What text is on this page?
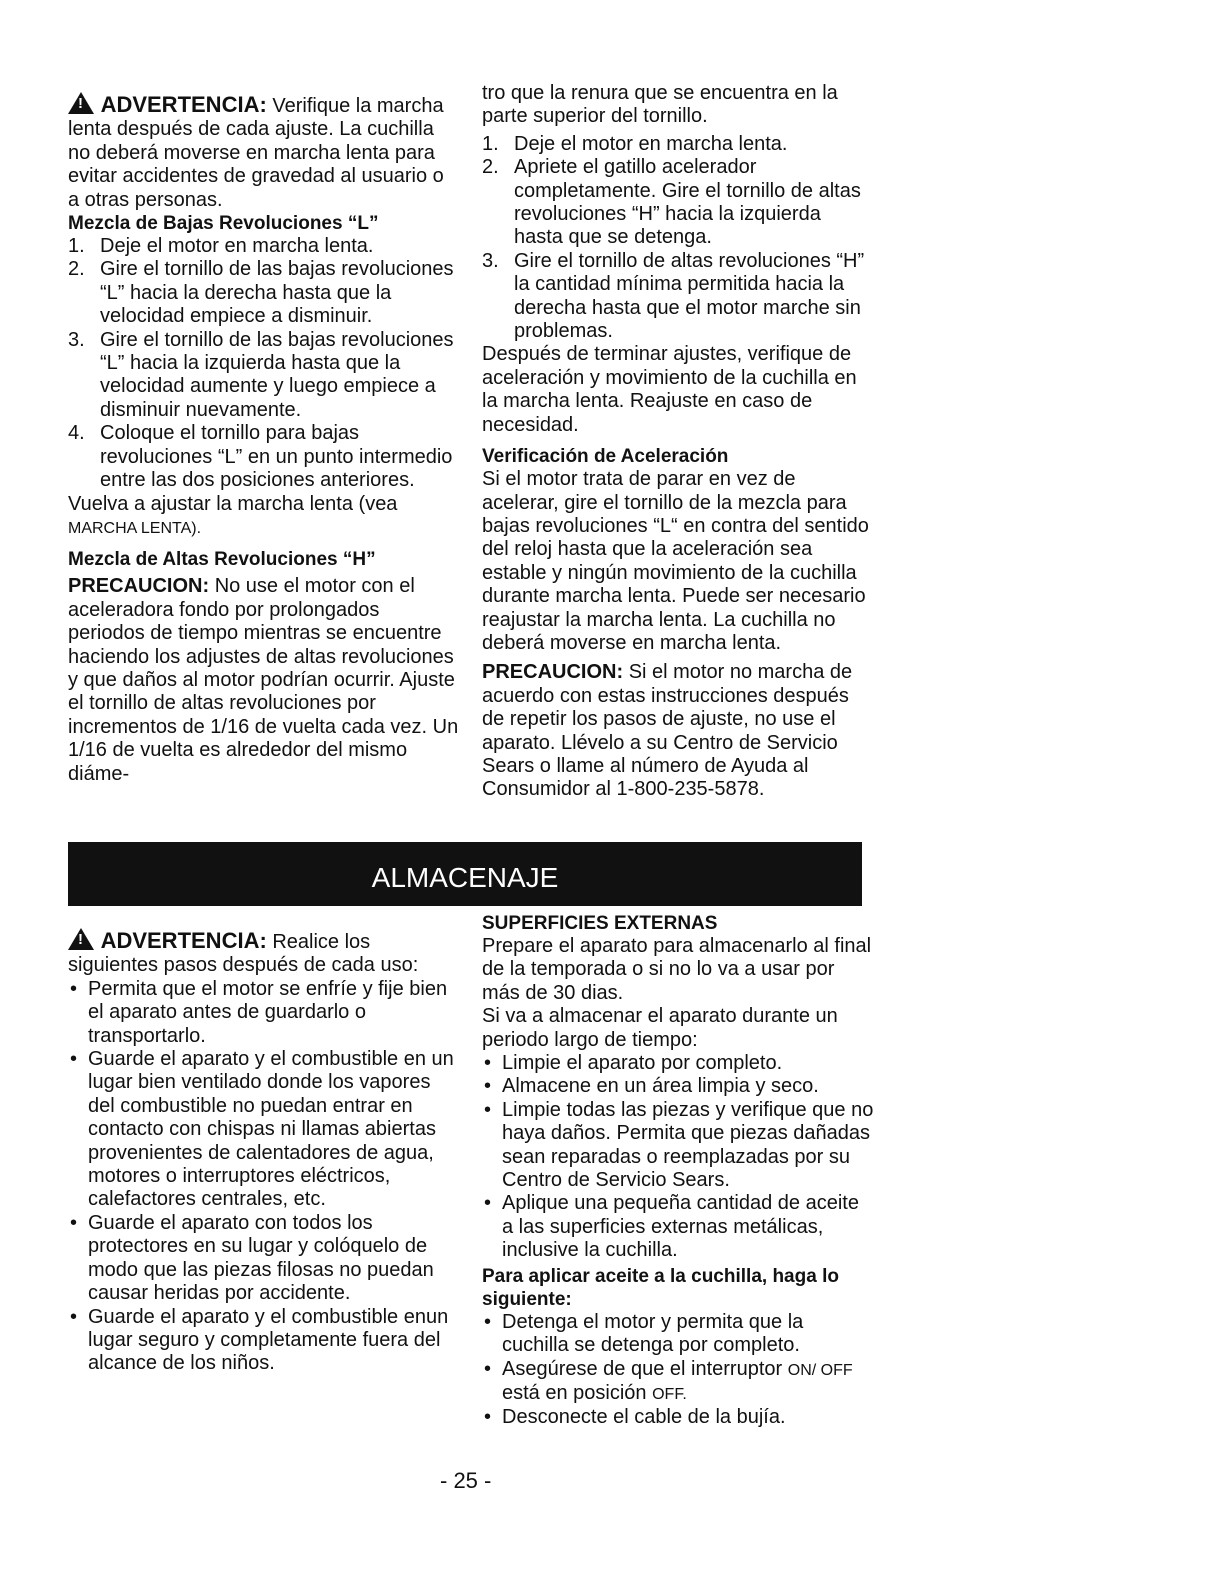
! ADVERTENCIA: Verifique la marcha lenta después de cada ajuste. La cuchilla no deberá moverse en marcha lenta para evitar accidentes de gravedad al usuario o a otras personas.

Mezcla de Bajas Revoluciones “L”
1. Deje el motor en marcha lenta.
2. Gire el tornillo de las bajas revoluciones “L” hacia la derecha hasta que la velocidad empiece a disminuir.
3. Gire el tornillo de las bajas revoluciones “L” hacia la izquierda hasta que la velocidad aumente y luego empiece a disminuir nuevamente.
4. Coloque el tornillo para bajas revoluciones “L” en un punto intermedio entre las dos posiciones anteriores.

Vuelva a ajustar la marcha lenta (vea MARCHA LENTA).

Mezcla de Altas Revoluciones “H”

PRECAUCION: No use el motor con el aceleradora fondo por prolongados periodos de tiempo mientras se encuentre haciendo los adjustes de altas revoluciones y que daños al motor podrían ocurrir. Ajuste el tornillo de altas revoluciones por incrementos de 1/16 de vuelta cada vez. Un 1/16 de vuelta es alrededor del mismo diáme-

tro que la renura que se encuentra en la parte superior del tornillo.

1. Deje el motor en marcha lenta.
2. Apriete el gatillo acelerador completamente. Gire el tornillo de altas revoluciones “H” hacia la izquierda hasta que se detenga.
3. Gire el tornillo de altas revoluciones “H” la cantidad mínima permitida hacia la derecha hasta que el motor marche sin problemas.

Después de terminar ajustes, verifique de aceleración y movimiento de la cuchilla en la marcha lenta. Reajuste en caso de necesidad.

Verificación de Aceleración

Si el motor trata de parar en vez de acelerar, gire el tornillo de la mezcla para bajas revoluciones “L“ en contra del sentido del reloj hasta que la aceleración sea estable y ningún movimiento de la cuchilla durante marcha lenta. Puede ser necesario reajustar la marcha lenta. La cuchilla no deberá moverse en marcha lenta.

PRECAUCION: Si el motor no marcha de acuerdo con estas instrucciones después de repetir los pasos de ajuste, no use el aparato. Llévelo a su Centro de Servicio Sears o llame al número de Ayuda al Consumidor al 1-800-235-5878.

ALMACENAJE

! ADVERTENCIA: Realice los siguientes pasos después de cada uso:

• Permita que el motor se enfríe y fije bien el aparato antes de guardarlo o transportarlo.
• Guarde el aparato y el combustible en un lugar bien ventilado donde los vapores del combustible no puedan entrar en contacto con chispas ni llamas abiertas provenientes de calentadores de agua, motores o interruptores eléctricos, calefactores centrales, etc.
• Guarde el aparato con todos los protectores en su lugar y colóquelo de modo que las piezas filosas no puedan causar heridas por accidente.
• Guarde el aparato y el combustible enun lugar seguro y completamente fuera del alcance de los niños.
SUPERFICIES EXTERNAS

Prepare el aparato para almacenarlo al final de la temporada o si no lo va a usar por más de 30 dias.

Si va a almacenar el aparato durante un periodo largo de tiempo:

• Limpie el aparato por completo.
• Almacene en un área limpia y seco.
• Limpie todas las piezas y verifique que no haya daños. Permita que piezas dañadas sean reparadas o reemplazadas por su Centro de Servicio Sears.
• Aplique una pequeña cantidad de aceite a las superficies externas metálicas, inclusive la cuchilla.
Para aplicar aceite a la cuchilla, haga lo siguiente:
• Detenga el motor y permita que la cuchilla se detenga por completo.
• Asegúrese de que el interruptor ON/ OFF está en posición OFF.
• Desconecte el cable de la bujía.
- 25 -
